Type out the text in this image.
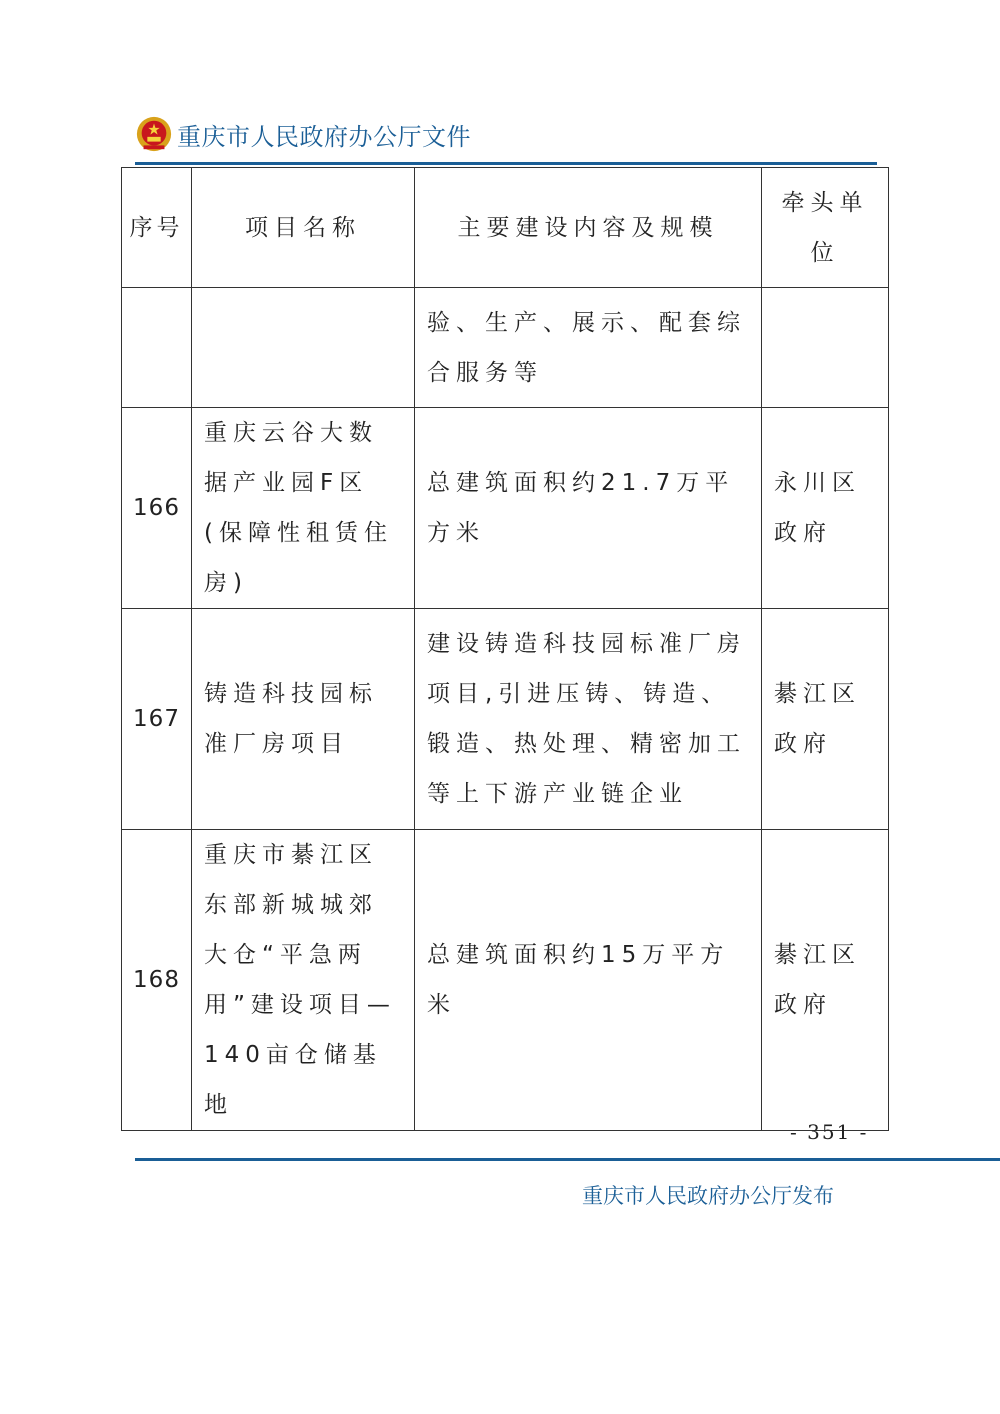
重庆市人民政府办公厅文件
序号	项目名称	主要建设内容及规模	牵头单位
		验、生产、展示、配套综合服务等	
166	重庆云谷大数据产业园F区(保障性租赁住房)	总建筑面积约21.7万平方米	永川区政府
167	铸造科技园标准厂房项目	建设铸造科技园标准厂房项目,引进压铸、铸造、锻造、热处理、精密加工等上下游产业链企业	綦江区政府
168	重庆市綦江区东部新城城郊大仓“平急两用”建设项目—140亩仓储基地	总建筑面积约15万平方米	綦江区政府
- 351 -
重庆市人民政府办公厅发布
